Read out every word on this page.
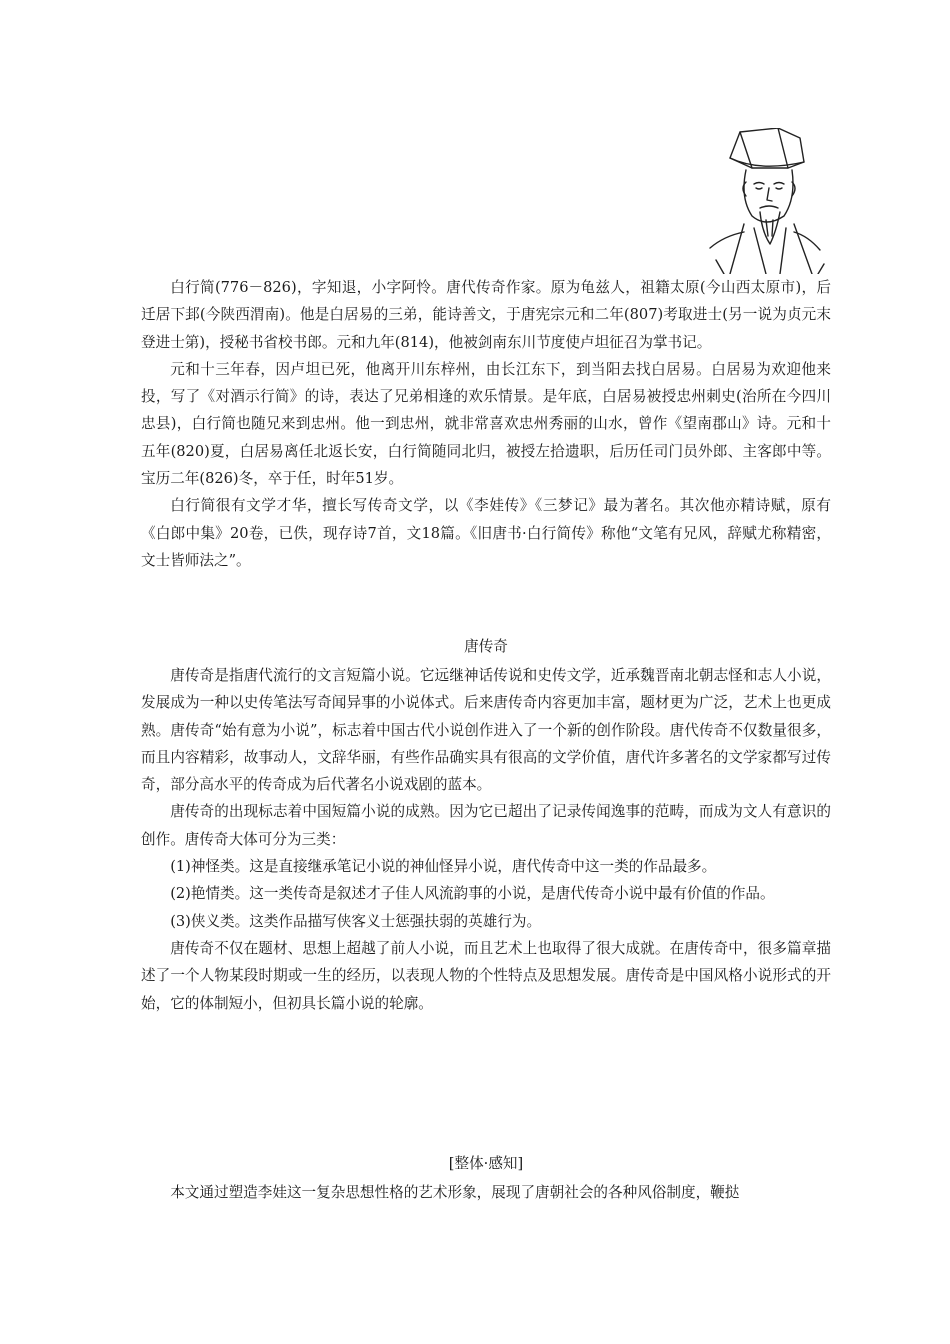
白行简(776－826)，字知退，小字阿怜。唐代传奇作家。原为龟兹人，祖籍太原(今山西太原市)，后迁居下邽(今陕西渭南)。他是白居易的三弟，能诗善文，于唐宪宗元和二年(807)考取进士(另一说为贞元末登进士第)，授秘书省校书郎。元和九年(814)，他被剑南东川节度使卢坦征召为掌书记。

元和十三年春，因卢坦已死，他离开川东梓州，由长江东下，到当阳去找白居易。白居易为欢迎他来投，写了《对酒示行简》的诗，表达了兄弟相逢的欢乐情景。是年底，白居易被授忠州刺史(治所在今四川忠县)，白行简也随兄来到忠州。他一到忠州，就非常喜欢忠州秀丽的山水，曾作《望南郡山》诗。元和十五年(820)夏，白居易离任北返长安，白行简随同北归，被授左拾遗职，后历任司门员外郎、主客郎中等。宝历二年(826)冬，卒于任，时年51岁。

白行简很有文学才华，擅长写传奇文学，以《李娃传》《三梦记》最为著名。其次他亦精诗赋，原有《白郎中集》20卷，已佚，现存诗7首，文18篇。《旧唐书·白行简传》称他“文笔有兄风，辞赋尤称精密，文士皆师法之”。

唐传奇

唐传奇是指唐代流行的文言短篇小说。它远继神话传说和史传文学，近承魏晋南北朝志怪和志人小说，发展成为一种以史传笔法写奇闻异事的小说体式。后来唐传奇内容更加丰富，题材更为广泛，艺术上也更成熟。唐传奇“始有意为小说”，标志着中国古代小说创作进入了一个新的创作阶段。唐代传奇不仅数量很多，而且内容精彩，故事动人，文辞华丽，有些作品确实具有很高的文学价值，唐代许多著名的文学家都写过传奇，部分高水平的传奇成为后代著名小说戏剧的蓝本。

唐传奇的出现标志着中国短篇小说的成熟。因为它已超出了记录传闻逸事的范畴，而成为文人有意识的创作。唐传奇大体可分为三类：

(1)神怪类。这是直接继承笔记小说的神仙怪异小说，唐代传奇中这一类的作品最多。

(2)艳情类。这一类传奇是叙述才子佳人风流韵事的小说，是唐代传奇小说中最有价值的作品。

(3)侠义类。这类作品描写侠客义士惩强扶弱的英雄行为。

唐传奇不仅在题材、思想上超越了前人小说，而且艺术上也取得了很大成就。在唐传奇中，很多篇章描述了一个人物某段时期或一生的经历，以表现人物的个性特点及思想发展。唐传奇是中国风格小说形式的开始，它的体制短小，但初具长篇小说的轮廓。

[整体·感知]

本文通过塑造李娃这一复杂思想性格的艺术形象，展现了唐朝社会的各种风俗制度，鞭挞
